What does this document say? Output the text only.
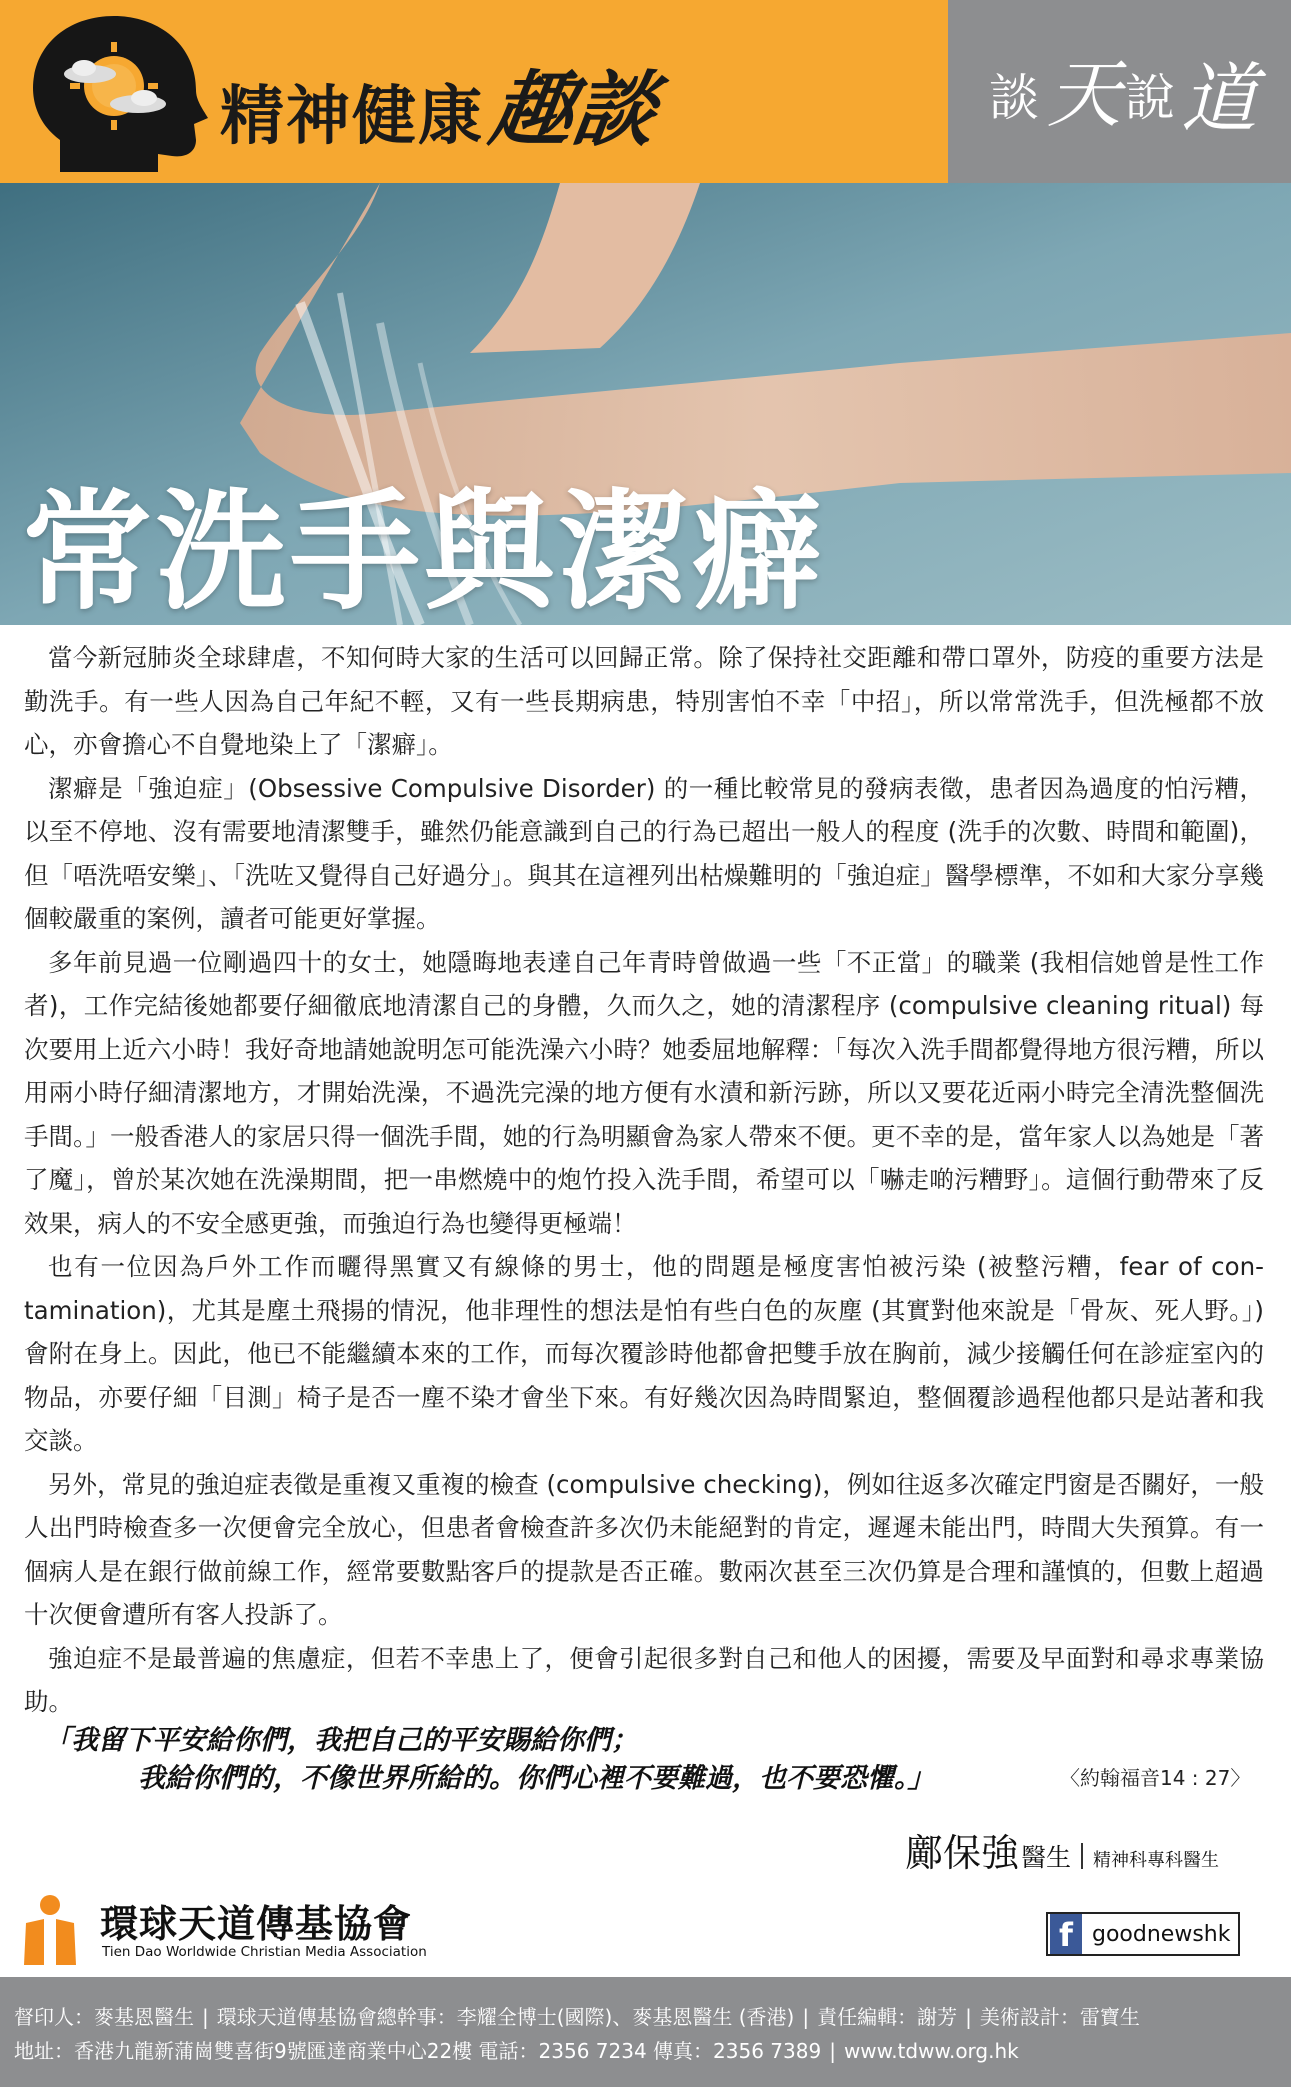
精神健康 趣談	談 天 說 道
常洗手與潔癖

當今新冠肺炎全球肆虐，不知何時大家的生活可以回歸正常。除了保持社交距離和帶口罩外，防疫的重要方法是勤洗手。有一些人因為自己年紀不輕，又有一些長期病患，特別害怕不幸「中招」，所以常常洗手，但洗極都不放心，亦會擔心不自覺地染上了「潔癖」。

潔癖是「強迫症」(Obsessive Compulsive Disorder) 的一種比較常見的發病表徵，患者因為過度的怕污糟，以至不停地、沒有需要地清潔雙手，雖然仍能意識到自己的行為已超出一般人的程度 (洗手的次數、時間和範圍)，但「唔洗唔安樂」、「洗咗又覺得自己好過分」。與其在這裡列出枯燥難明的「強迫症」醫學標準，不如和大家分享幾個較嚴重的案例，讀者可能更好掌握。

多年前見過一位剛過四十的女士，她隱晦地表達自己年青時曾做過一些「不正當」的職業 (我相信她曾是性工作者)，工作完結後她都要仔細徹底地清潔自己的身體，久而久之，她的清潔程序 (compulsive cleaning ritual) 每次要用上近六小時！我好奇地請她說明怎可能洗澡六小時？她委屈地解釋：「每次入洗手間都覺得地方很污糟，所以用兩小時仔細清潔地方，才開始洗澡，不過洗完澡的地方便有水漬和新污跡，所以又要花近兩小時完全清洗整個洗手間。」一般香港人的家居只得一個洗手間，她的行為明顯會為家人帶來不便。更不幸的是，當年家人以為她是「著了魔」，曾於某次她在洗澡期間，把一串燃燒中的炮竹投入洗手間，希望可以「嚇走啲污糟野」。這個行動帶來了反效果，病人的不安全感更強，而強迫行為也變得更極端！

也有一位因為戶外工作而曬得黑實又有線條的男士，他的問題是極度害怕被污染 (被整污糟，fear of con-tamination)，尤其是塵土飛揚的情況，他非理性的想法是怕有些白色的灰塵 (其實對他來說是「骨灰、死人野。」) 會附在身上。因此，他已不能繼續本來的工作，而每次覆診時他都會把雙手放在胸前，減少接觸任何在診症室內的物品，亦要仔細「目測」椅子是否一塵不染才會坐下來。有好幾次因為時間緊迫，整個覆診過程他都只是站著和我交談。

另外，常見的強迫症表徵是重複又重複的檢查 (compulsive checking)，例如往返多次確定門窗是否關好，一般人出門時檢查多一次便會完全放心，但患者會檢查許多次仍未能絕對的肯定，遲遲未能出門，時間大失預算。有一個病人是在銀行做前線工作，經常要數點客戶的提款是否正確。數兩次甚至三次仍算是合理和謹慎的，但數上超過十次便會遭所有客人投訴了。

強迫症不是最普遍的焦慮症，但若不幸患上了，便會引起很多對自己和他人的困擾，需要及早面對和尋求專業協助。

「我留下平安給你們，我把自己的平安賜給你們；
我給你們的，不像世界所給的。你們心裡不要難過，也不要恐懼。」	〈約翰福音14 : 27〉
鄺保強醫生 精神科專科醫生
環球天道傳基協會
Tien Dao Worldwide Christian Media Association	f goodnewshk
督印人：麥基恩醫生 | 環球天道傳基協會總幹事：李耀全博士(國際)、麥基恩醫生 (香港) | 責任編輯：謝芳 | 美術設計：雷寶生
地址：香港九龍新蒲崗雙喜街9號匯達商業中心22樓 電話：2356 7234 傳真：2356 7389 | www.tdww.org.hk
